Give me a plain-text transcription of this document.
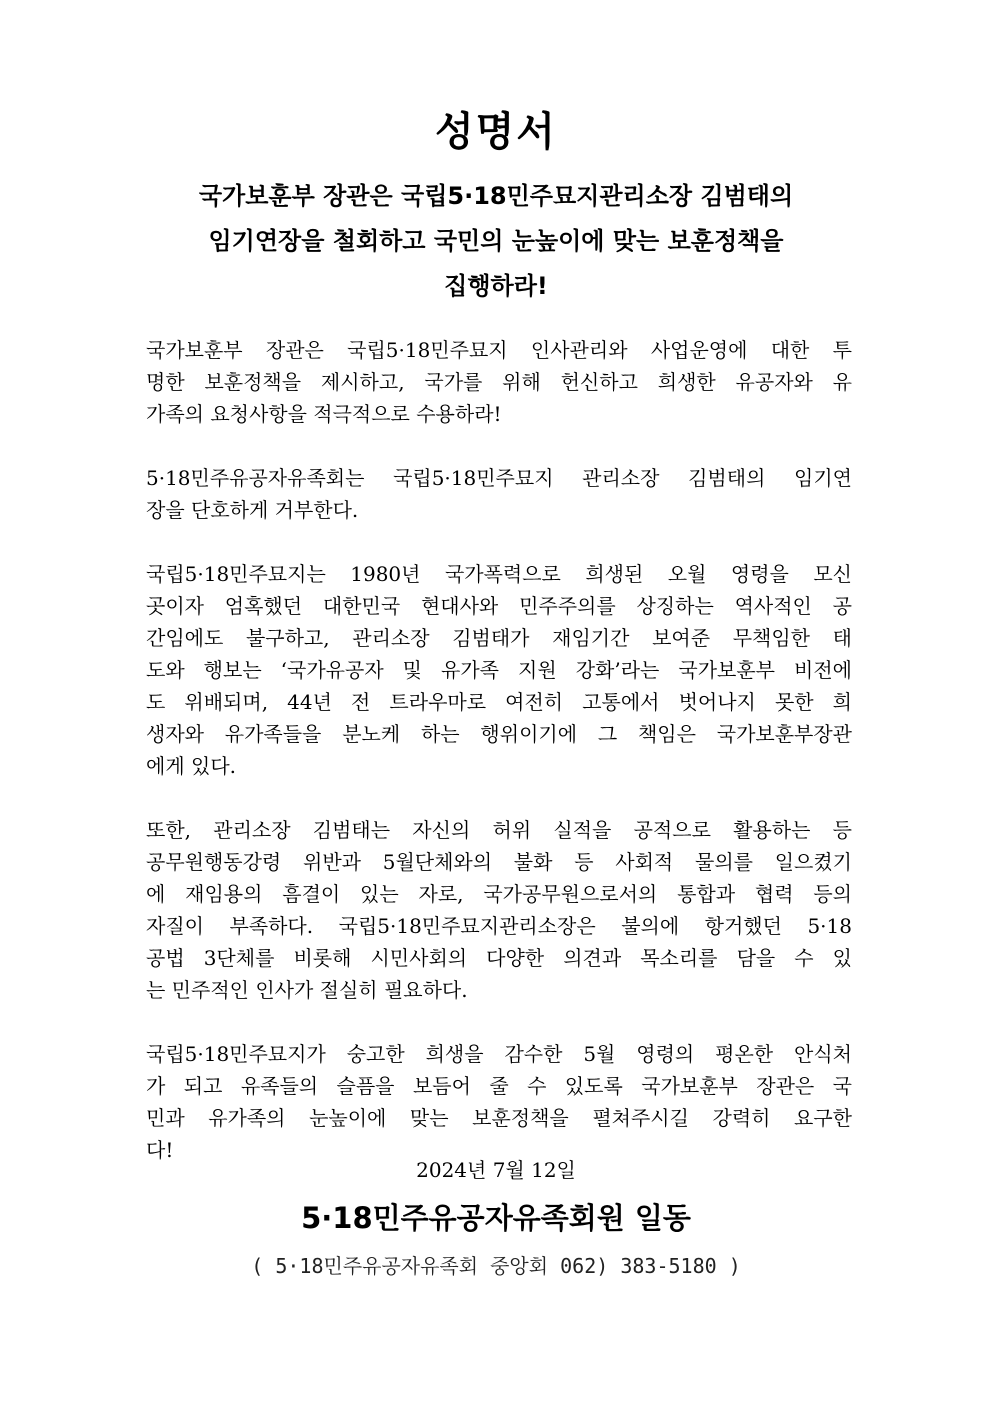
성명서
국가보훈부 장관은 국립5·18민주묘지관리소장 김범태의
임기연장을 철회하고 국민의 눈높이에 맞는 보훈정책을
집행하라!
국가보훈부 장관은 국립5·18민주묘지 인사관리와 사업운영에 대한 투
명한 보훈정책을 제시하고, 국가를 위해 헌신하고 희생한 유공자와 유
가족의 요청사항을 적극적으로 수용하라!
5·18민주유공자유족회는 국립5·18민주묘지 관리소장 김범태의 임기연
장을 단호하게 거부한다.
국립5·18민주묘지는 1980년 국가폭력으로 희생된 오월 영령을 모신
곳이자 엄혹했던 대한민국 현대사와 민주주의를 상징하는 역사적인 공
간임에도 불구하고, 관리소장 김범태가 재임기간 보여준 무책임한 태
도와 행보는 ‘국가유공자 및 유가족 지원 강화’라는 국가보훈부 비전에
도 위배되며, 44년 전 트라우마로 여전히 고통에서 벗어나지 못한 희
생자와 유가족들을 분노케 하는 행위이기에 그 책임은 국가보훈부장관
에게 있다.
또한, 관리소장 김범태는 자신의 허위 실적을 공적으로 활용하는 등
공무원행동강령 위반과 5월단체와의 불화 등 사회적 물의를 일으켰기
에 재임용의 흠결이 있는 자로, 국가공무원으로서의 통합과 협력 등의
자질이 부족하다. 국립5·18민주묘지관리소장은 불의에 항거했던 5·18
공법 3단체를 비롯해 시민사회의 다양한 의견과 목소리를 담을 수 있
는 민주적인 인사가 절실히 필요하다.
국립5·18민주묘지가 숭고한 희생을 감수한 5월 영령의 평온한 안식처
가 되고 유족들의 슬픔을 보듬어 줄 수 있도록 국가보훈부 장관은 국
민과 유가족의 눈높이에 맞는 보훈정책을 펼쳐주시길 강력히 요구한
다!
2024년 7월 12일
5·18민주유공자유족회원 일동
( 5·18민주유공자유족회 중앙회 062) 383-5180 )
